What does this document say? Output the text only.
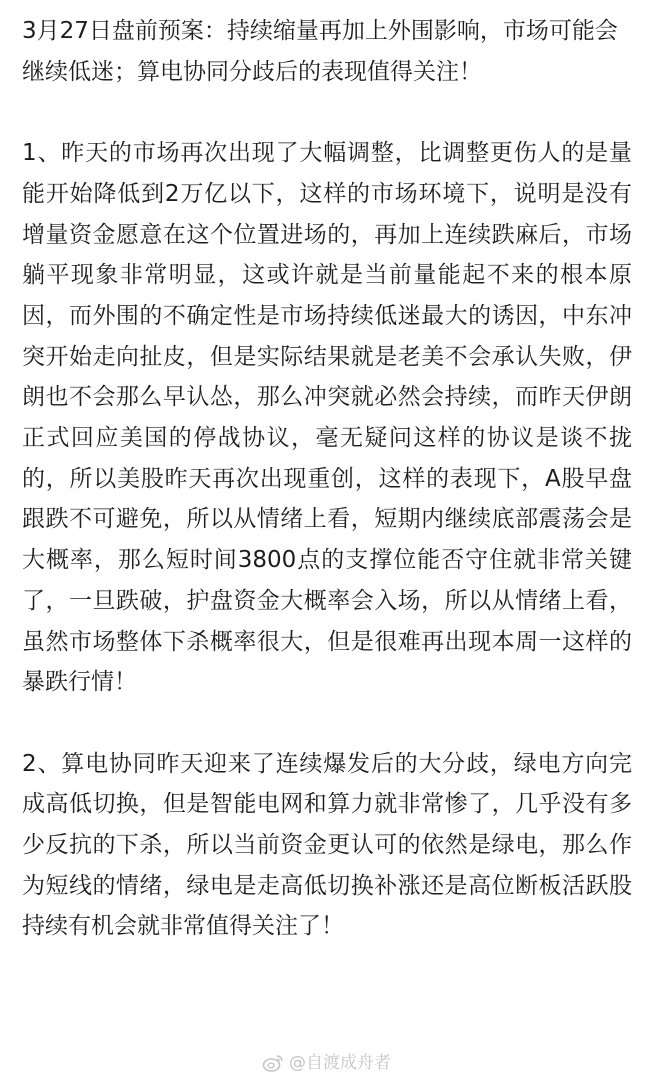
3月27日盘前预案：持续缩量再加上外围影响，市场可能会继续低迷；算电协同分歧后的表现值得关注！

1、昨天的市场再次出现了大幅调整，比调整更伤人的是量能开始降低到2万亿以下，这样的市场环境下，说明是没有增量资金愿意在这个位置进场的，再加上连续跌麻后，市场躺平现象非常明显，这或许就是当前量能起不来的根本原因，而外围的不确定性是市场持续低迷最大的诱因，中东冲突开始走向扯皮，但是实际结果就是老美不会承认失败，伊朗也不会那么早认怂，那么冲突就必然会持续，而昨天伊朗正式回应美国的停战协议，毫无疑问这样的协议是谈不拢的，所以美股昨天再次出现重创，这样的表现下，A股早盘跟跌不可避免，所以从情绪上看，短期内继续底部震荡会是大概率，那么短时间3800点的支撑位能否守住就非常关键了，一旦跌破，护盘资金大概率会入场，所以从情绪上看，虽然市场整体下杀概率很大，但是很难再出现本周一这样的暴跌行情！

2、算电协同昨天迎来了连续爆发后的大分歧，绿电方向完成高低切换，但是智能电网和算力就非常惨了，几乎没有多少反抗的下杀，所以当前资金更认可的依然是绿电，那么作为短线的情绪，绿电是走高低切换补涨还是高位断板活跃股持续有机会就非常值得关注了！

@自渡成舟者
